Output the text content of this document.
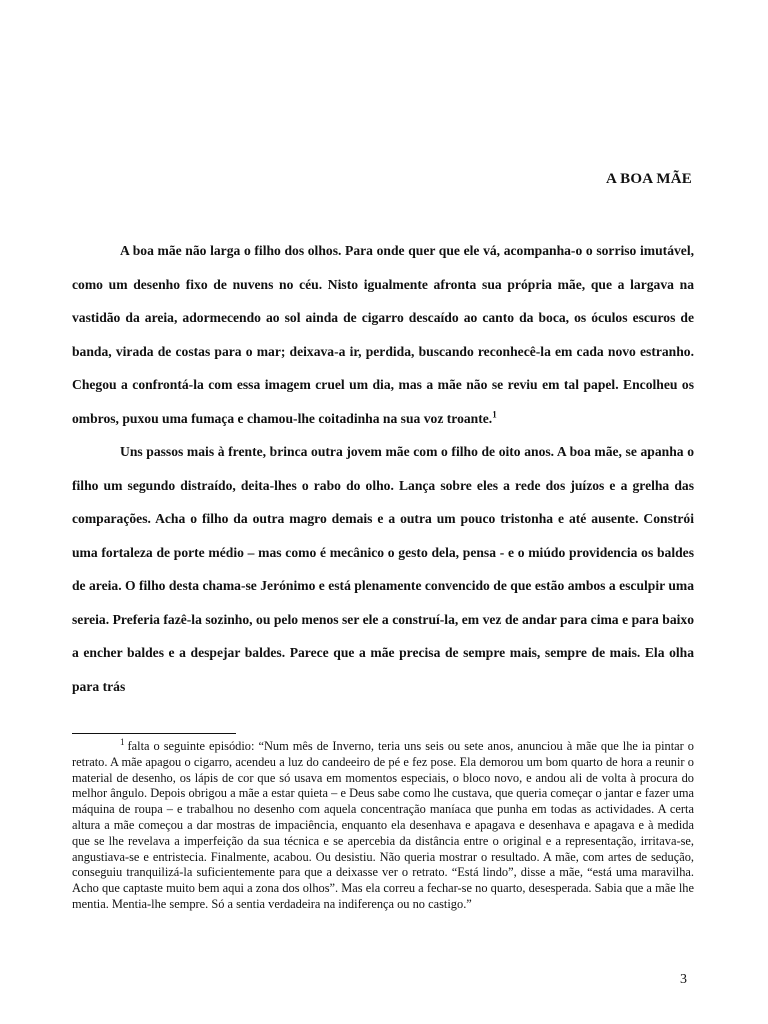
A BOA MÃE

A boa mãe não larga o filho dos olhos. Para onde quer que ele vá, acompanha-o o sorriso imutável, como um desenho fixo de nuvens no céu. Nisto igualmente afronta sua própria mãe, que a largava na vastidão da areia, adormecendo ao sol ainda de cigarro descaído ao canto da boca, os óculos escuros de banda, virada de costas para o mar; deixava-a ir, perdida, buscando reconhecê-la em cada novo estranho. Chegou a confrontá-la com essa imagem cruel um dia, mas a mãe não se reviu em tal papel. Encolheu os ombros, puxou uma fumaça e chamou-lhe coitadinha na sua voz troante.$^1$

Uns passos mais à frente, brinca outra jovem mãe com o filho de oito anos. A boa mãe, se apanha o filho um segundo distraído, deita-lhes o rabo do olho. Lança sobre eles a rede dos juízos e a grelha das comparações. Acha o filho da outra magro demais e a outra um pouco tristonha e até ausente. Constrói uma fortaleza de porte médio – mas como é mecânico o gesto dela, pensa - e o miúdo providencia os baldes de areia. O filho desta chama-se Jerónimo e está plenamente convencido de que estão ambos a esculpir uma sereia. Preferia fazê-la sozinho, ou pelo menos ser ele a construí-la, em vez de andar para cima e para baixo a encher baldes e a despejar baldes. Parece que a mãe precisa de sempre mais, sempre de mais. Ela olha para trás

$^1$ falta o seguinte episódio: “Num mês de Inverno, teria uns seis ou sete anos, anunciou à mãe que lhe ia pintar o retrato. A mãe apagou o cigarro, acendeu a luz do candeeiro de pé e fez pose. Ela demorou um bom quarto de hora a reunir o material de desenho, os lápis de cor que só usava em momentos especiais, o bloco novo, e andou ali de volta à procura do melhor ângulo. Depois obrigou a mãe a estar quieta – e Deus sabe como lhe custava, que queria começar o jantar e fazer uma máquina de roupa – e trabalhou no desenho com aquela concentração maníaca que punha em todas as actividades. A certa altura a mãe começou a dar mostras de impaciência, enquanto ela desenhava e apagava e desenhava e apagava e à medida que se lhe revelava a imperfeição da sua técnica e se apercebia da distância entre o original e a representação, irritava-se, angustiava-se e entristecia. Finalmente, acabou. Ou desistiu. Não queria mostrar o resultado. A mãe, com artes de sedução, conseguiu tranquilizá-la suficientemente para que a deixasse ver o retrato. “Está lindo”, disse a mãe, “está uma maravilha. Acho que captaste muito bem aqui a zona dos olhos”. Mas ela correu a fechar-se no quarto, desesperada. Sabia que a mãe lhe mentia. Mentia-lhe sempre. Só a sentia verdadeira na indiferença ou no castigo.”

3
